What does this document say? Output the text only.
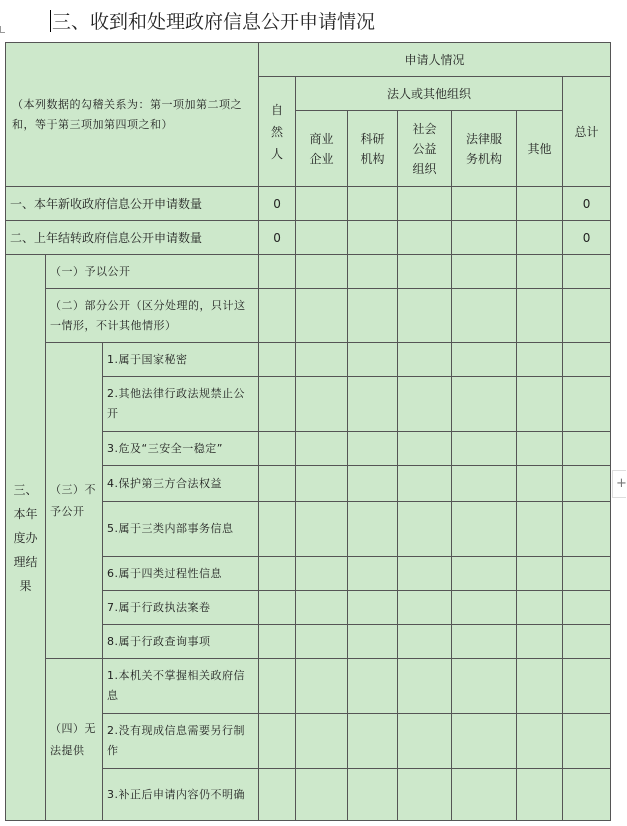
三、收到和处理政府信息公开申请情况
（本列数据的勾稽关系为：第一项加第二项之和，等于第三项加第四项之和）			申请人情况						
			自然人	法人或其他组织					总计
				商业企业	科研机构	社会公益组织	法律服务机构	其他	

一、本年新收政府信息公开申请数量			0						0
二、上年结转政府信息公开申请数量			0						0
三、本年度办理结果	（一）予以公开								
	（二）部分公开（区分处理的，只计这一情形，不计其他情形）								
	（三）不予公开	1.属于国家秘密							
		2.其他法律行政法规禁止公开							
		3.危及“三安全一稳定”							
		4.保护第三方合法权益							
		5.属于三类内部事务信息							
		6.属于四类过程性信息							
		7.属于行政执法案卷							
		8.属于行政查询事项							
	（四）无法提供	1.本机关不掌握相关政府信息							
		2.没有现成信息需要另行制作							
		3.补正后申请内容仍不明确							
+
